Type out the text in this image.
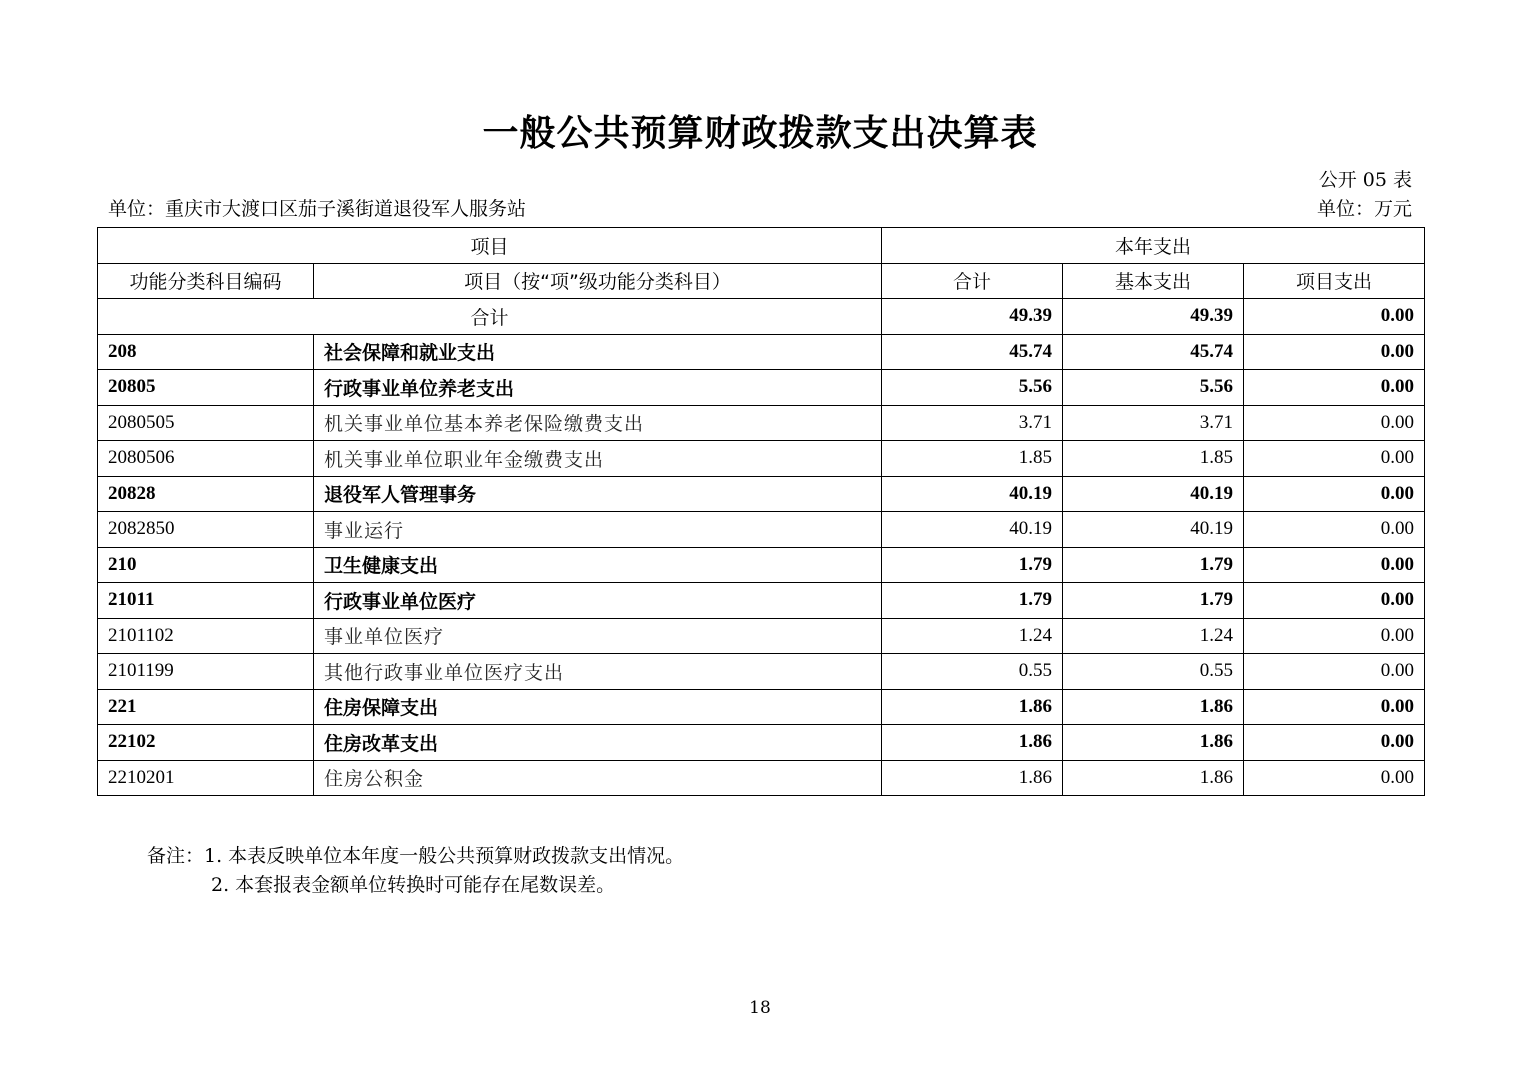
一般公共预算财政拨款支出决算表
公开 05 表
单位：重庆市大渡口区茄子溪街道退役军人服务站	单位：万元
项目		本年支出		
功能分类科目编码	项目（按“项”级功能分类科目）	合计	基本支出	项目支出
合计		49.39	49.39	0.00
208	社会保障和就业支出	45.74	45.74	0.00
20805	行政事业单位养老支出	5.56	5.56	0.00
2080505	机关事业单位基本养老保险缴费支出	3.71	3.71	0.00
2080506	机关事业单位职业年金缴费支出	1.85	1.85	0.00
20828	退役军人管理事务	40.19	40.19	0.00
2082850	事业运行	40.19	40.19	0.00
210	卫生健康支出	1.79	1.79	0.00
21011	行政事业单位医疗	1.79	1.79	0.00
2101102	事业单位医疗	1.24	1.24	0.00
2101199	其他行政事业单位医疗支出	0.55	0.55	0.00
221	住房保障支出	1.86	1.86	0.00
22102	住房改革支出	1.86	1.86	0.00
2210201	住房公积金	1.86	1.86	0.00
备注：1. 本表反映单位本年度一般公共预算财政拨款支出情况。
2. 本套报表金额单位转换时可能存在尾数误差。
18
